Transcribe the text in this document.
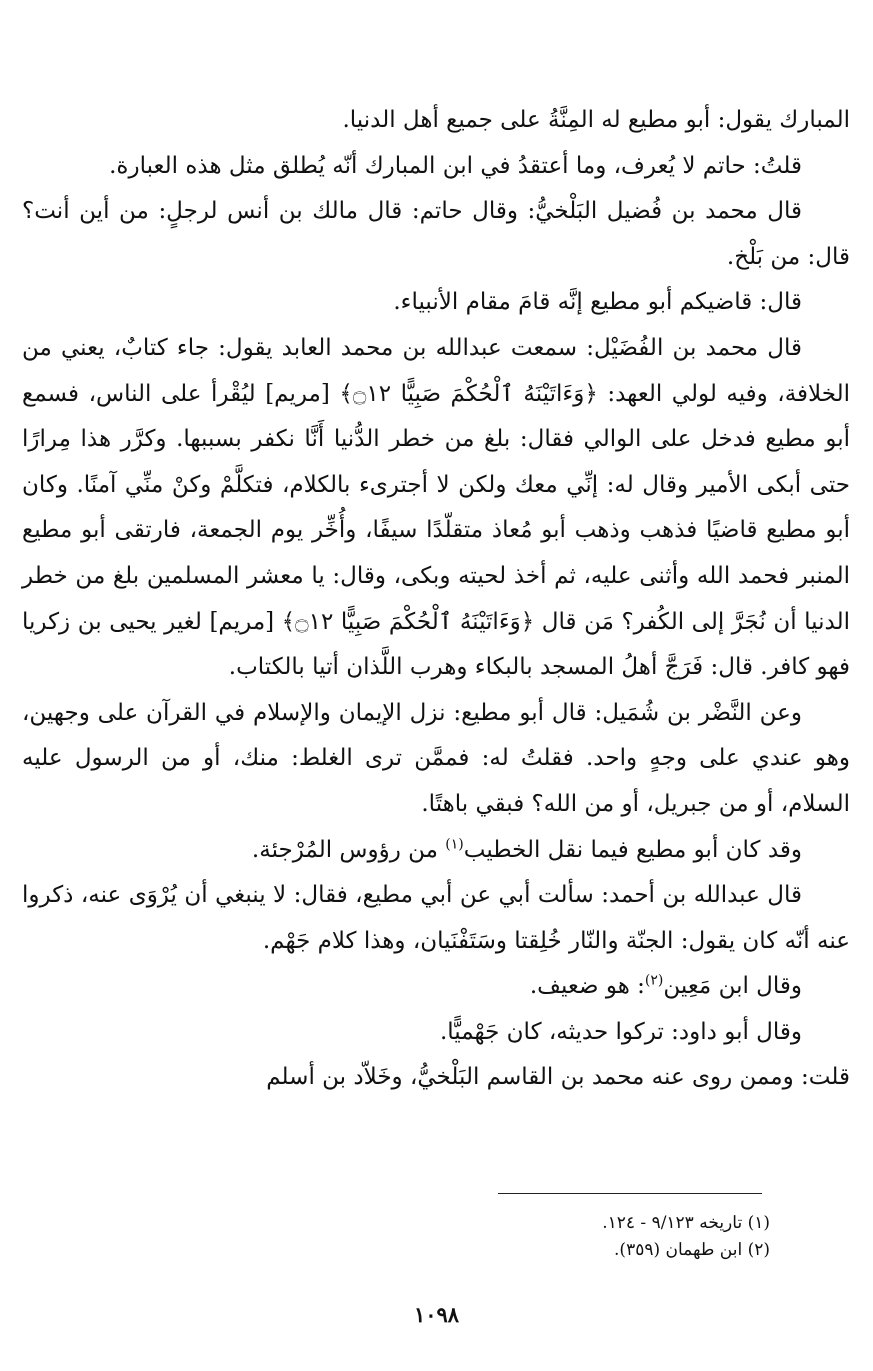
المبارك يقول: أبو مطيع له المِنَّةُ على جميع أهل الدنيا.

قلتُ: حاتم لا يُعرف، وما أعتقدُ في ابن المبارك أنّه يُطلق مثل هذه العبارة.

قال محمد بن فُضيل البَلْخيُّ: وقال حاتم: قال مالك بن أنس لرجلٍ: من أين أنت؟ قال: من بَلْخ.

قال: قاضيكم أبو مطيع إنَّه قامَ مقام الأنبياء.

قال محمد بن الفُضَيْل: سمعت عبدالله بن محمد العابد يقول: جاء كتابٌ، يعني من الخلافة، وفيه لولي العهد: ﴿وَءَاتَيْنَهُ ٱلْحُكْمَ صَبِيًّا ۝١٢﴾ [مريم] ليُقْرأ على الناس، فسمع أبو مطيع فدخل على الوالي فقال: بلغ من خطر الدُّنيا أَنَّا نكفر بسببها. وكرَّر هذا مِرارًا حتى أبكى الأمير وقال له: إنِّي معك ولكن لا أجترىء بالكلام، فتكلَّمْ وكنْ منِّي آمنًا. وكان أبو مطيع قاضيًا فذهب وذهب أبو مُعاذ متقلّدًا سيفًا، وأُخِّر يوم الجمعة، فارتقى أبو مطيع المنبر فحمد الله وأثنى عليه، ثم أخذ لحيته وبكى، وقال: يا معشر المسلمين بلغ من خطر الدنيا أن نُجَرَّ إلى الكُفر؟ مَن قال ﴿وَءَاتَيْنَهُ ٱلْحُكْمَ صَبِيًّا ۝١٢﴾ [مريم] لغير يحيى بن زكريا فهو كافر. قال: فَرَجَّ أهلُ المسجد بالبكاء وهرب اللَّذان أتيا بالكتاب.

وعن النَّضْر بن شُمَيل: قال أبو مطيع: نزل الإيمان والإسلام في القرآن على وجهين، وهو عندي على وجهٍ واحد. فقلتُ له: فممَّن ترى الغلط: منك، أو من الرسول عليه السلام، أو من جبريل، أو من الله؟ فبقي باهتًا.

وقد كان أبو مطيع فيما نقل الخطيب$^{(١)}$ من رؤوس المُرْجئة.

قال عبدالله بن أحمد: سألت أبي عن أبي مطيع، فقال: لا ينبغي أن يُرْوَى عنه، ذكروا عنه أنّه كان يقول: الجنّة والنّار خُلِقتا وسَتَفْنَيان، وهذا كلام جَهْم.

وقال ابن مَعِين$^{(٢)}$: هو ضعيف.

وقال أبو داود: تركوا حديثه، كان جَهْميًّا.

قلت: وممن روى عنه محمد بن القاسم البَلْخيُّ، وخَلاّد بن أسلم

(١) تاريخه ٩/١٢٣ - ١٢٤.

(٢) ابن طهمان (٣٥٩).

١٠٩٨
